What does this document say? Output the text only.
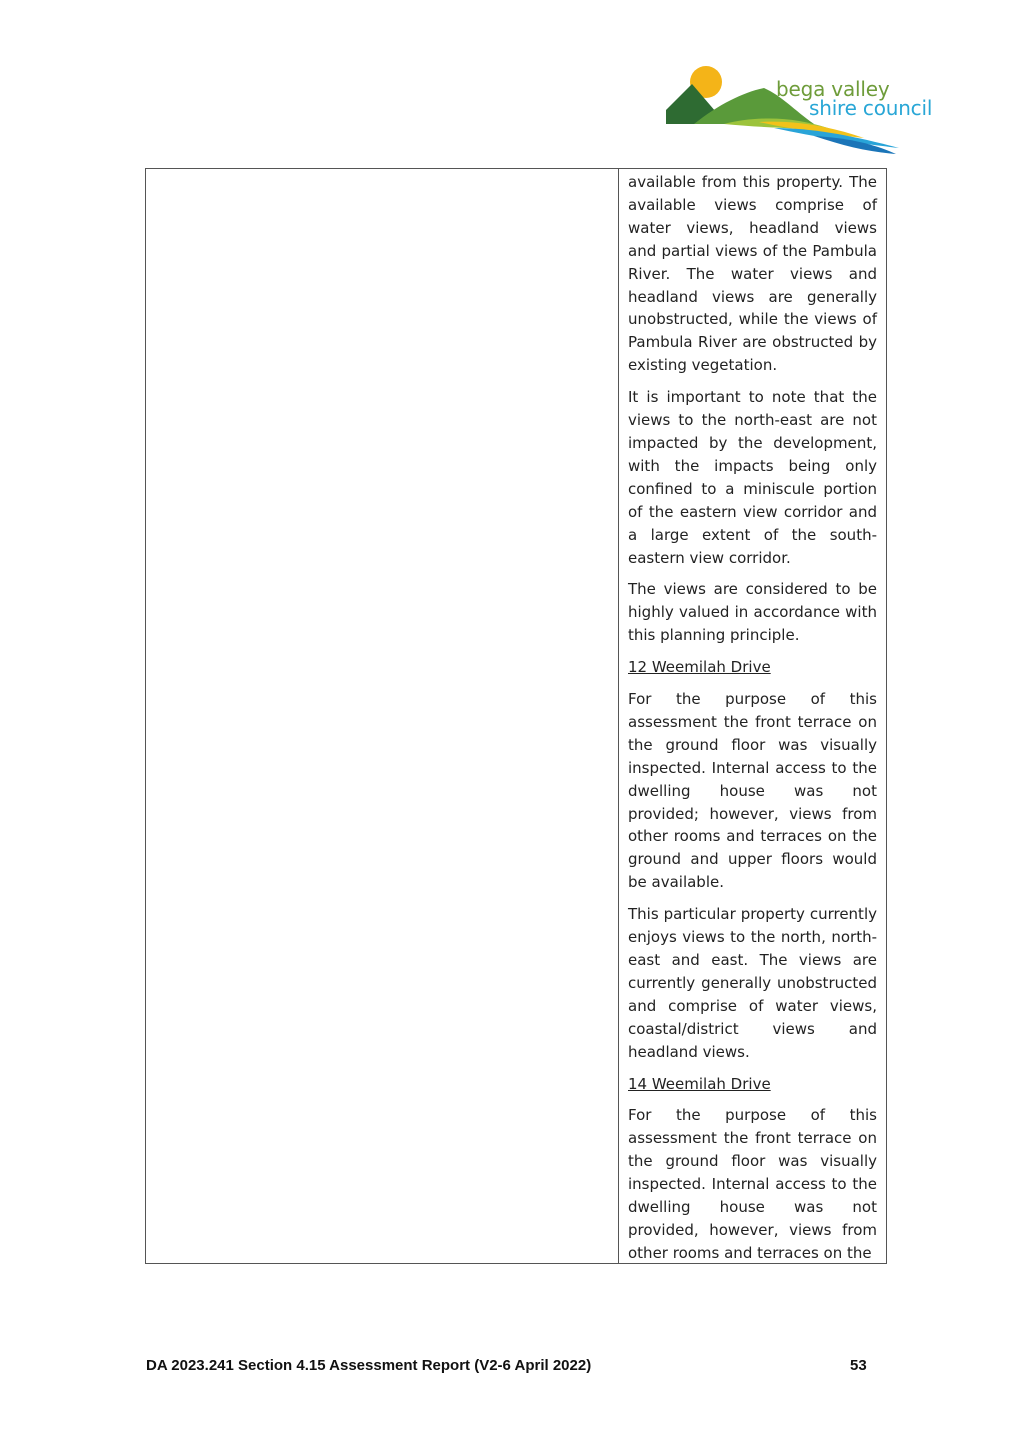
bega valley
shire council

available from this property. The available views comprise of water views, headland views and partial views of the Pambula River. The water views and headland views are generally unobstructed, while the views of Pambula River are obstructed by existing vegetation.

It is important to note that the views to the north-east are not impacted by the development, with the impacts being only confined to a miniscule portion of the eastern view corridor and a large extent of the south-eastern view corridor.

The views are considered to be highly valued in accordance with this planning principle.

12 Weemilah Drive

For the purpose of this assessment the front terrace on the ground floor was visually inspected. Internal access to the dwelling house was not provided; however, views from other rooms and terraces on the ground and upper floors would be available.

This particular property currently enjoys views to the north, north-east and east. The views are currently generally unobstructed and comprise of water views, coastal/district views and headland views.

14 Weemilah Drive

For the purpose of this assessment the front terrace on the ground floor was visually inspected. Internal access to the dwelling house was not provided, however, views from other rooms and terraces on the

DA 2023.241 Section 4.15 Assessment Report (V2-6 April 2022)	53
